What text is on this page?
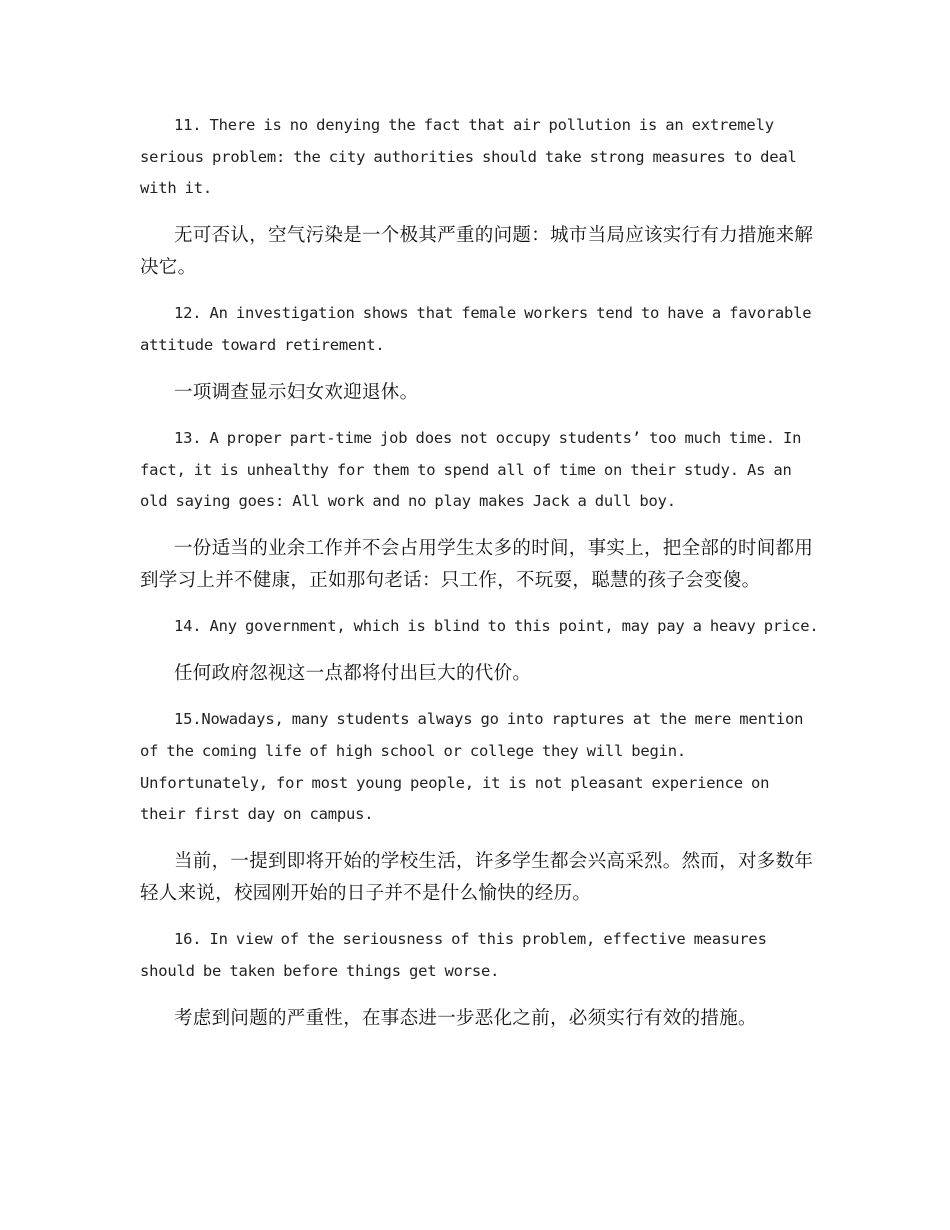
11. There is no denying the fact that air pollution is an extremely serious problem: the city authorities should take strong measures to deal with it.

无可否认，空气污染是一个极其严重的问题：城市当局应该实行有力措施来解决它。

12. An investigation shows that female workers tend to have a favorable attitude toward retirement.

一项调查显示妇女欢迎退休。

13. A proper part-time job does not occupy students’ too much time. In fact, it is unhealthy for them to spend all of time on their study. As an old saying goes: All work and no play makes Jack a dull boy.

一份适当的业余工作并不会占用学生太多的时间，事实上，把全部的时间都用到学习上并不健康，正如那句老话：只工作，不玩耍，聪慧的孩子会变傻。

14. Any government, which is blind to this point, may pay a heavy price.

任何政府忽视这一点都将付出巨大的代价。

15.Nowadays, many students always go into raptures at the mere mention of the coming life of high school or college they will begin. Unfortunately, for most young people, it is not pleasant experience on their first day on campus.

当前，一提到即将开始的学校生活，许多学生都会兴高采烈。然而，对多数年轻人来说，校园刚开始的日子并不是什么愉快的经历。

16. In view of the seriousness of this problem, effective measures should be taken before things get worse.

考虑到问题的严重性，在事态进一步恶化之前，必须实行有效的措施。
